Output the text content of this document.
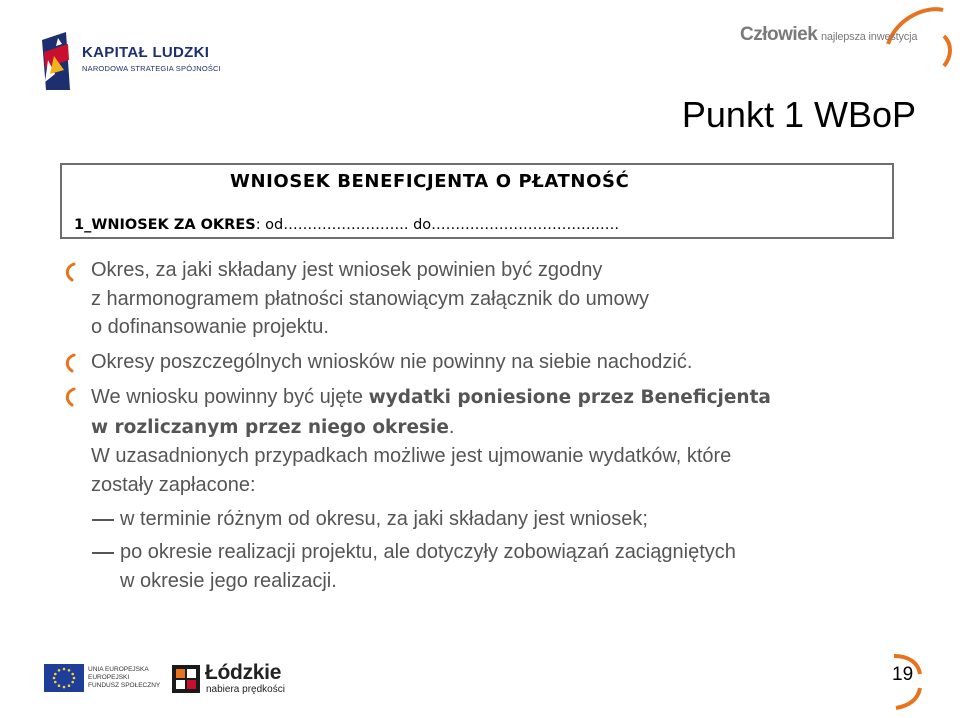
KAPITAŁ LUDZKI
NARODOWA STRATEGIA SPÓJNOŚCI
Człowiek najlepsza inwestycja
Punkt 1 WBoP
WNIOSEK BENEFICJENTA O PŁATNOŚĆ
1_WNIOSEK ZA OKRES: od…………………….. do……………………………..….
Okres, za jaki składany jest wniosek powinien być zgodny
z harmonogramem płatności stanowiącym załącznik do umowy
o dofinansowanie projektu.
Okresy poszczególnych wniosków nie powinny na siebie nachodzić.
We wniosku powinny być ujęte wydatki poniesione przez Beneficjenta
w rozliczanym przez niego okresie.
W uzasadnionych przypadkach możliwe jest ujmowanie wydatków, które
zostały zapłacone:
w terminie różnym od okresu, za jaki składany jest wniosek;
po okresie realizacji projektu, ale dotyczyły zobowiązań zaciągniętych
w okresie jego realizacji.
UNIA EUROPEJSKA
EUROPEJSKI
FUNDUSZ SPOŁECZNY
Łódzkie
nabiera prędkości
19
